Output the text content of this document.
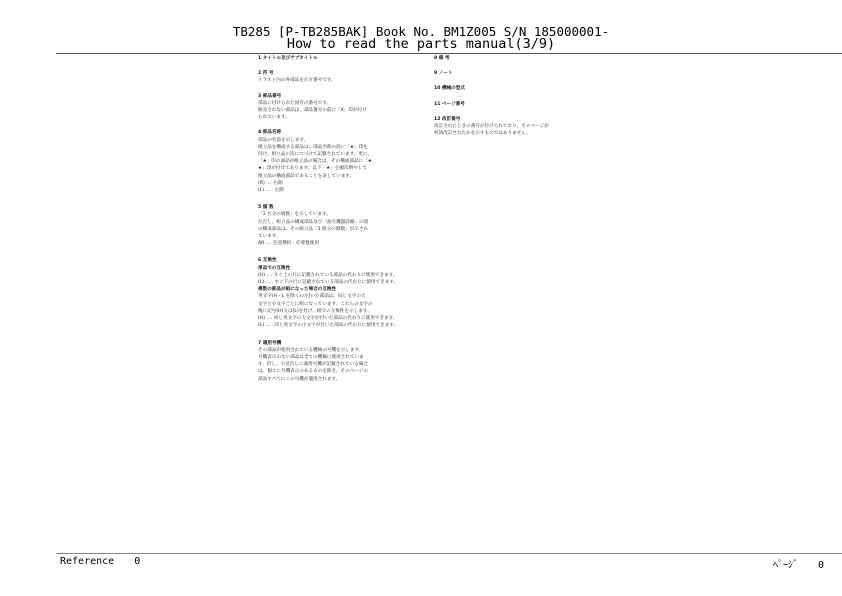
TB285 [P-TB285BAK] Book No. BM1Z005 S/N 185000001-
How to read the parts manual(3/9)
1 タイトル及びサブタイトル
2 符 号
イラスト内の各部品を示す番号です。
3 部品番号
部品に付けられた固有の番号です。
販売されない部品は、部品番号の前に「X」印が付け
られています。
4 部品名称
部品の名前を示します。
組立品を構成する部品は、部品名称の前に「★」印を
付け、組立品の次につづけて記載されています。更に、
「★」印の部品が組立品の場合は、その構成部品に「★
★」印が付けてあります。以下「★」を順次増やして
組立品の構成部品であることを表しています。
(R) .... 右側
(L) ..... 左側
5 個 数
「1 台分の個数」を示しています。
ただし、組立品の構成部品及び「油圧機器詳細」の項
の構成部品は、その組立品「1 組分の個数」が示され
ています。
AR .... 任意選択・必要数使用
6 互換性
単品での互換性
(H) .... すぐ上の行に記載されている部品の代わりに使用できます。
(L) ..... すぐ下の行に記載されている部品の代わりに使用できます。
複数の部品が組になった場合の互換性
英文字(H・L を除く)の付いた部品は、同じ文字の大
文字と小文字ごとに組になっています。これらの文字の
後に記号(H)又は(L)を付け、組での互換性を示します。
(H) .... 同じ英文字の大文字が付いた部品の代わりに使用できます。
(L) ..... 同じ英文字の小文字が付いた部品の代わりに使用できます。
7 適用号機
その部品が使用されている機械の号機を示します。
号機表示のない部品は全ての機械に使用されていま
す。但し、小見出しに適用号機が記載されている場合
は、個々に号機表示のあるものを除き、そのページの
部品すべてにこの号機が適用されます。
8 備 考
9 ノート
10 機械の型式
11 ページ番号
12 改訂番号
改訂されたときの番号が付けられており、そのページが
何回改訂されたかを示すものではありません。
Reference 0	ﾍﾟｰｼﾞ 0
